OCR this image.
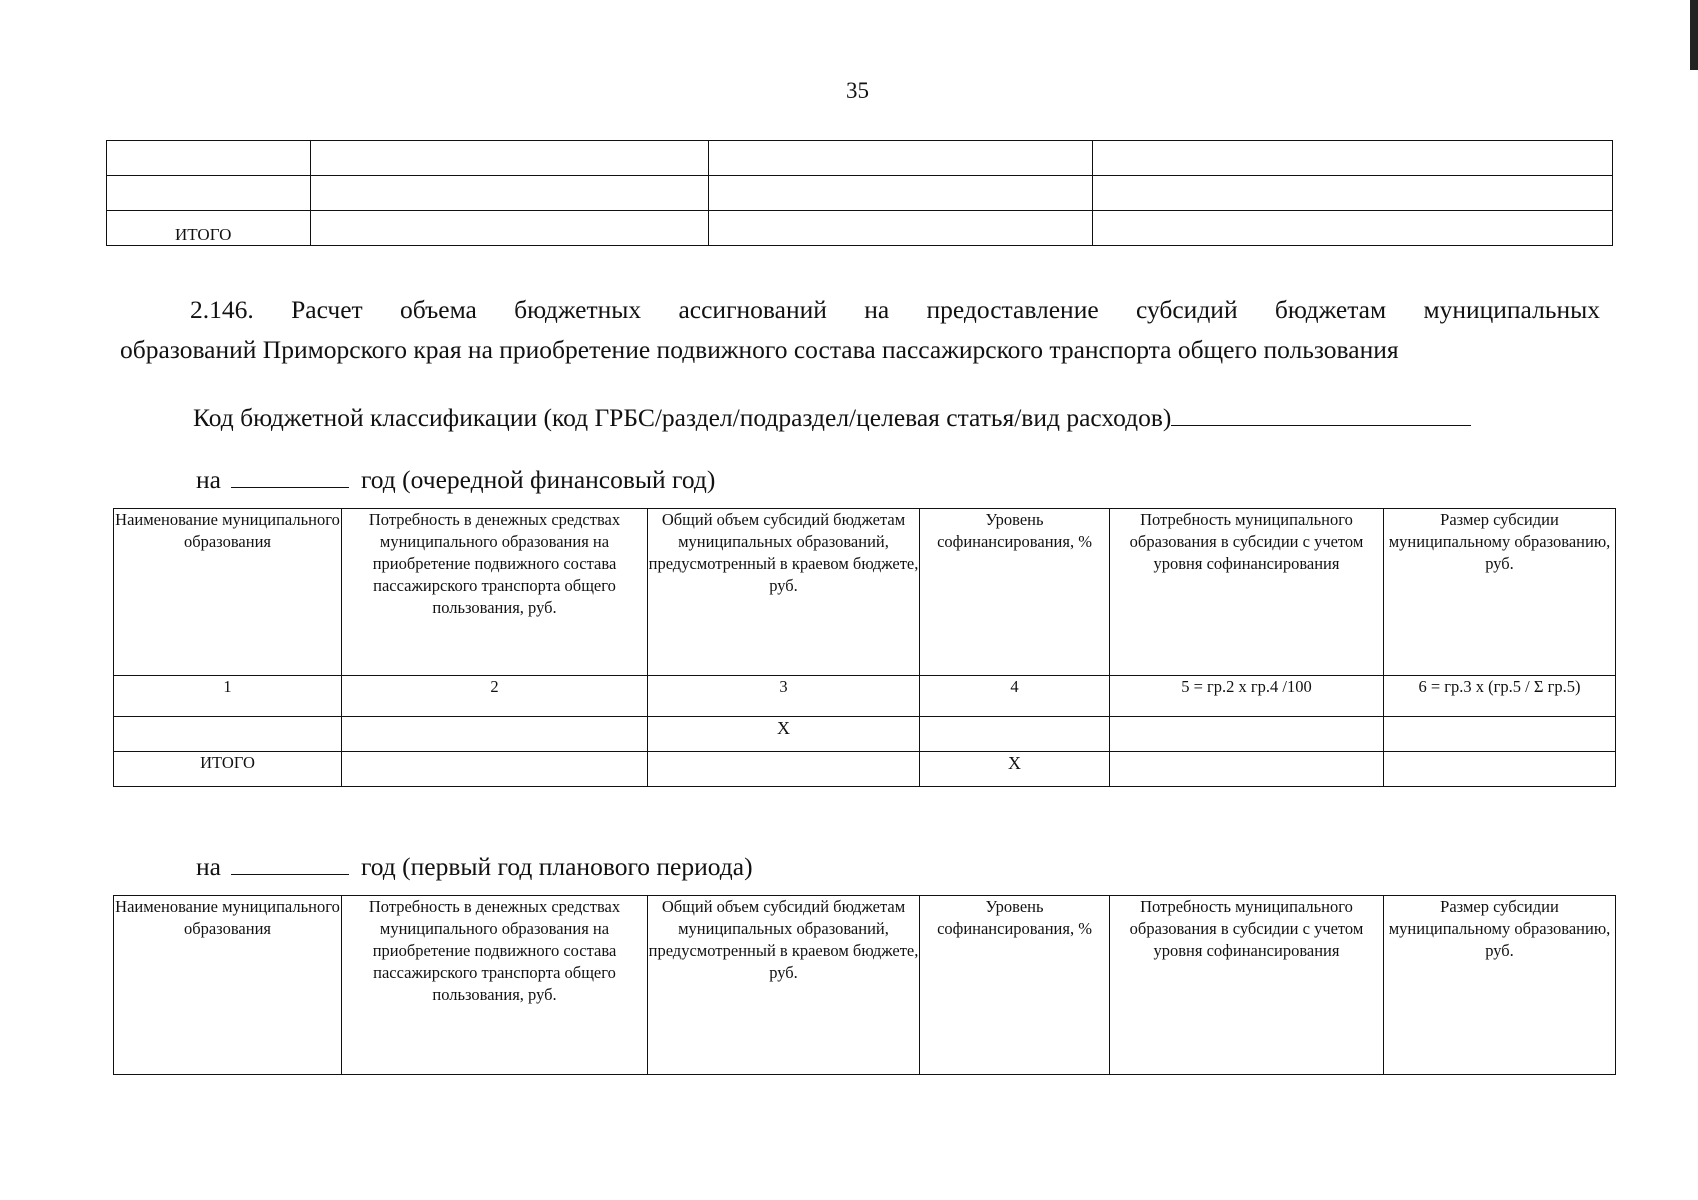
35

ИТОГО			
2.146. Расчет объема бюджетных ассигнований на предоставление субсидий бюджетам муниципальных
образований Приморского края на приобретение подвижного состава пассажирского транспорта общего пользования
Код бюджетной классификации (код ГРБС/раздел/подраздел/целевая статья/вид расходов)
на	год (очередной финансовый год)
Наименование муниципального образования	Потребность в денежных средствах муниципального образования на приобретение подвижного состава пассажирского транспорта общего пользования, руб.	Общий объем субсидий бюджетам муниципальных образований, предусмотренный в краевом бюджете, руб.	Уровень софинансирования, %	Потребность муниципального образования в субсидии с учетом уровня софинансирования	Размер субсидии муниципальному образованию, руб.
1	2	3	4	5 = гр.2 х гр.4 /100	6 = гр.3 х (гр.5 / Σ гр.5)
		Х			
ИТОГО			Х		
на	год (первый год планового периода)
Наименование муниципального образования	Потребность в денежных средствах муниципального образования на приобретение подвижного состава пассажирского транспорта общего пользования, руб.	Общий объем субсидий бюджетам муниципальных образований, предусмотренный в краевом бюджете, руб.	Уровень софинансирования, %	Потребность муниципального образования в субсидии с учетом уровня софинансирования	Размер субсидии муниципальному образованию, руб.
